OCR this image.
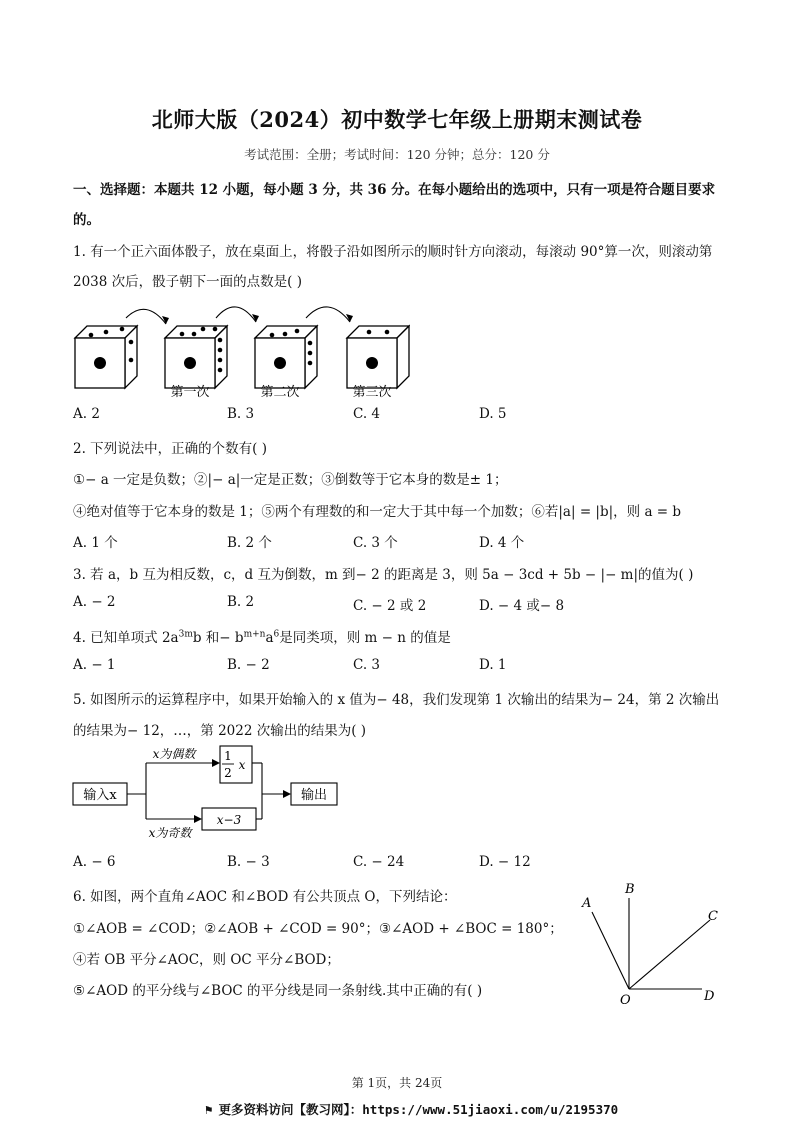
北师大版（2024）初中数学七年级上册期末测试卷
考试范围：全册；考试时间：120 分钟；总分：120 分
一、选择题：本题共 12 小题，每小题 3 分，共 36 分。在每小题给出的选项中，只有一项是符合题目要求
的。
1. 有一个正六面体骰子，放在桌面上，将骰子沿如图所示的顺时针方向滚动，每滚动 90°算一次，则滚动第
2038 次后，骰子朝下一面的点数是( )
第一次	第二次	第三次
A. 2	B. 3	C. 4	D. 5
2. 下列说法中，正确的个数有( )
①− a 一定是负数；②|− a|一定是正数；③倒数等于它本身的数是± 1；
④绝对值等于它本身的数是 1；⑤两个有理数的和一定大于其中每一个加数；⑥若|a| = |b|，则 a = b
A. 1 个	B. 2 个	C. 3 个	D. 4 个
3. 若 a，b 互为相反数，c，d 互为倒数，m 到− 2 的距离是 3，则 5a − 3cd + 5b − |− m|的值为( )
A. − 2	B. 2	C. − 2 或 2	D. − 4 或− 8
4. 已知单项式 $2a^{3m}b$ 和− $b^{m+n}a^6$是同类项，则 m − n 的值是
A. − 1	B. − 2	C. 3	D. 1
5. 如图所示的运算程序中，如果开始输入的 x 值为− 48，我们发现第 1 次输出的结果为− 24，第 2 次输出
的结果为− 12，…，第 2022 次输出的结果为( )
输入x
x为偶数
x为奇数
1
2
x
x−3
输出
A. − 6	B. − 3	C. − 24	D. − 12
6. 如图，两个直角∠AOC 和∠BOD 有公共顶点 O，下列结论：
①∠AOB = ∠COD；②∠AOB + ∠COD = 90°；③∠AOD + ∠BOC = 180°；
④若 OB 平分∠AOC，则 OC 平分∠BOD；
⑤∠AOD 的平分线与∠BOC 的平分线是同一条射线.其中正确的有( )
A
B
C
O	D
第 1页，共 24页
⚑ 更多资料访问【教习网】：https://www.51jiaoxi.com/u/2195370
